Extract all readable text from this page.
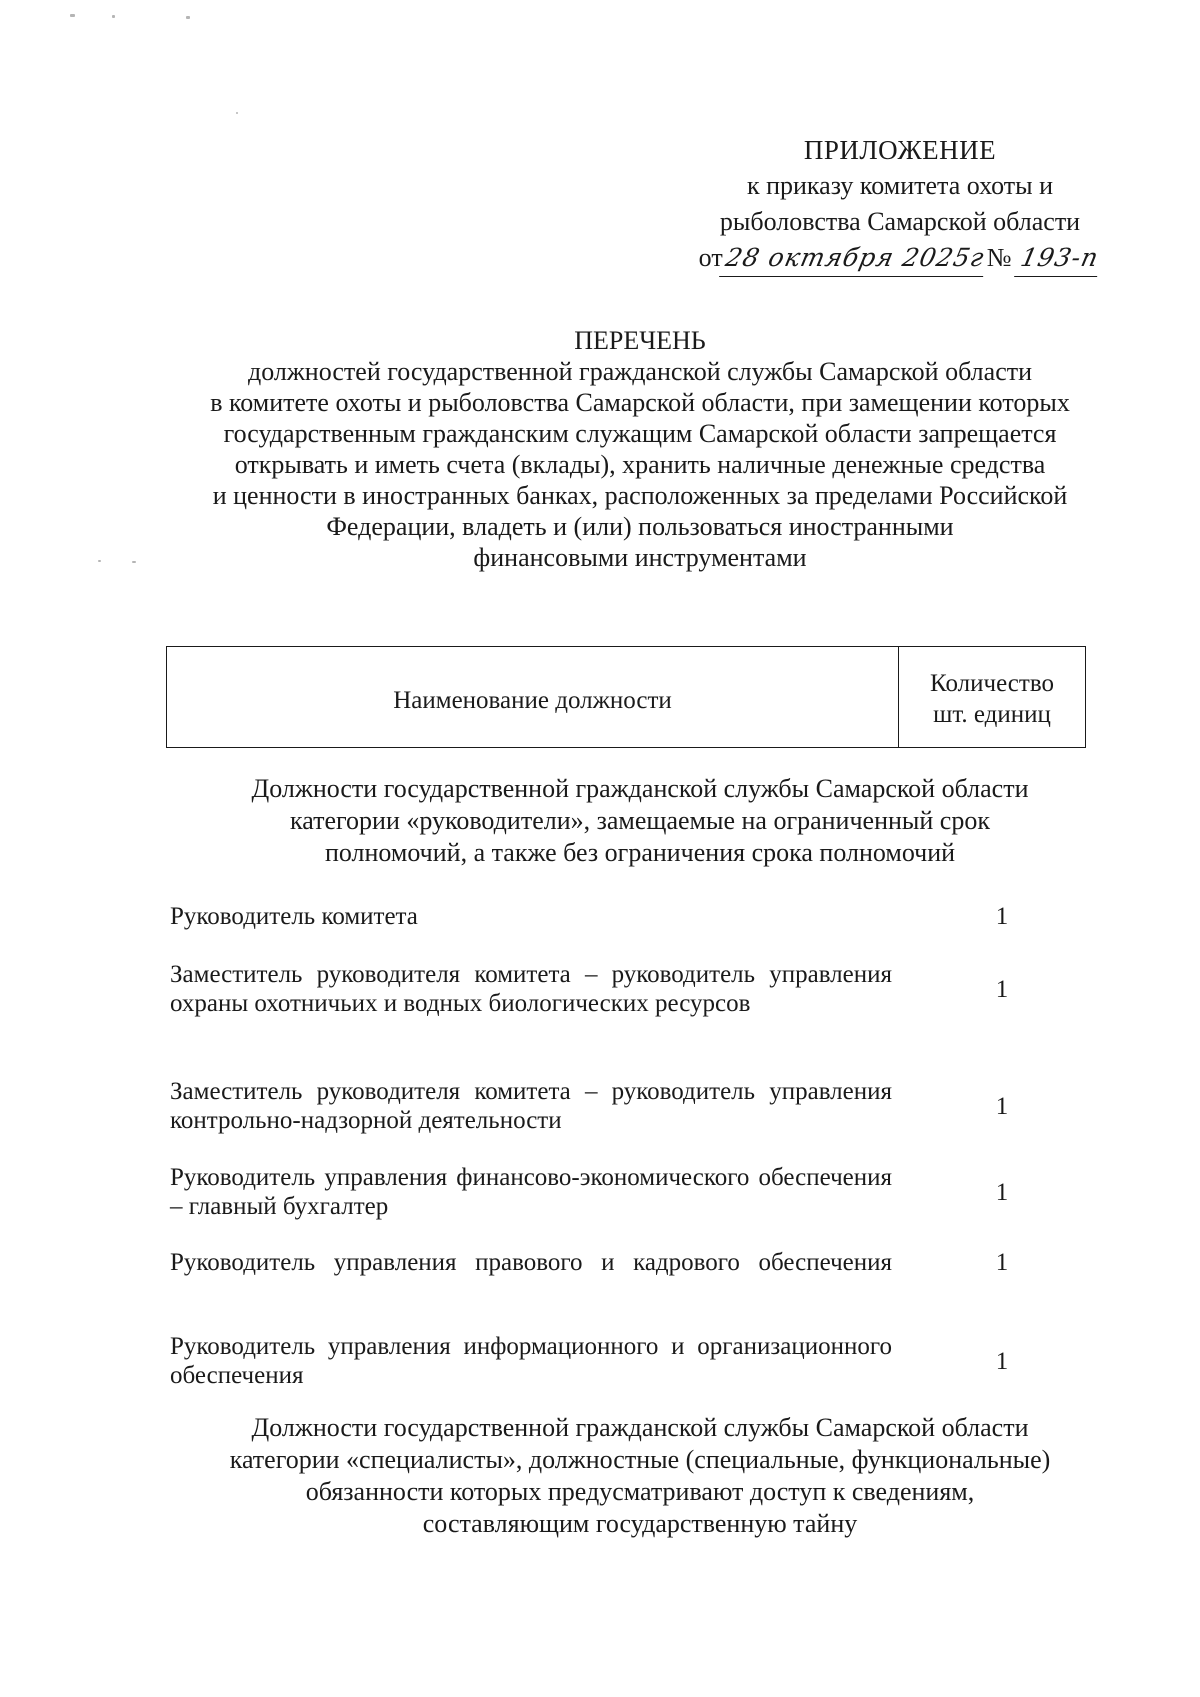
ПРИЛОЖЕНИЕ
к приказу комитета охоты и
рыболовства Самарской области
от28 октября 2025г№ 193-п
ПЕРЕЧЕНЬ
должностей государственной гражданской службы Самарской области
в комитете охоты и рыболовства Самарской области, при замещении которых
государственным гражданским служащим Самарской области запрещается
открывать и иметь счета (вклады), хранить наличные денежные средства
и ценности в иностранных банках, расположенных за пределами Российской
Федерации, владеть и (или) пользоваться иностранными
финансовыми инструментами
Наименование должности
Количество
шт. единиц
Должности государственной гражданской службы Самарской области
категории «руководители», замещаемые на ограниченный срок
полномочий, а также без ограничения срока полномочий
Руководитель комитета	1
Заместитель руководителя комитета – руководитель управления охраны охотничьих и водных биологических ресурсов
1
Заместитель руководителя комитета – руководитель управления контрольно-надзорной деятельности
1
Руководитель управления финансово-экономического обеспечения – главный бухгалтер
1
Руководитель управления правового и кадрового обеспечения	1
Руководитель управления информационного и организационного обеспечения
1
Должности государственной гражданской службы Самарской области
категории «специалисты», должностные (специальные, функциональные)
обязанности которых предусматривают доступ к сведениям,
составляющим государственную тайну
